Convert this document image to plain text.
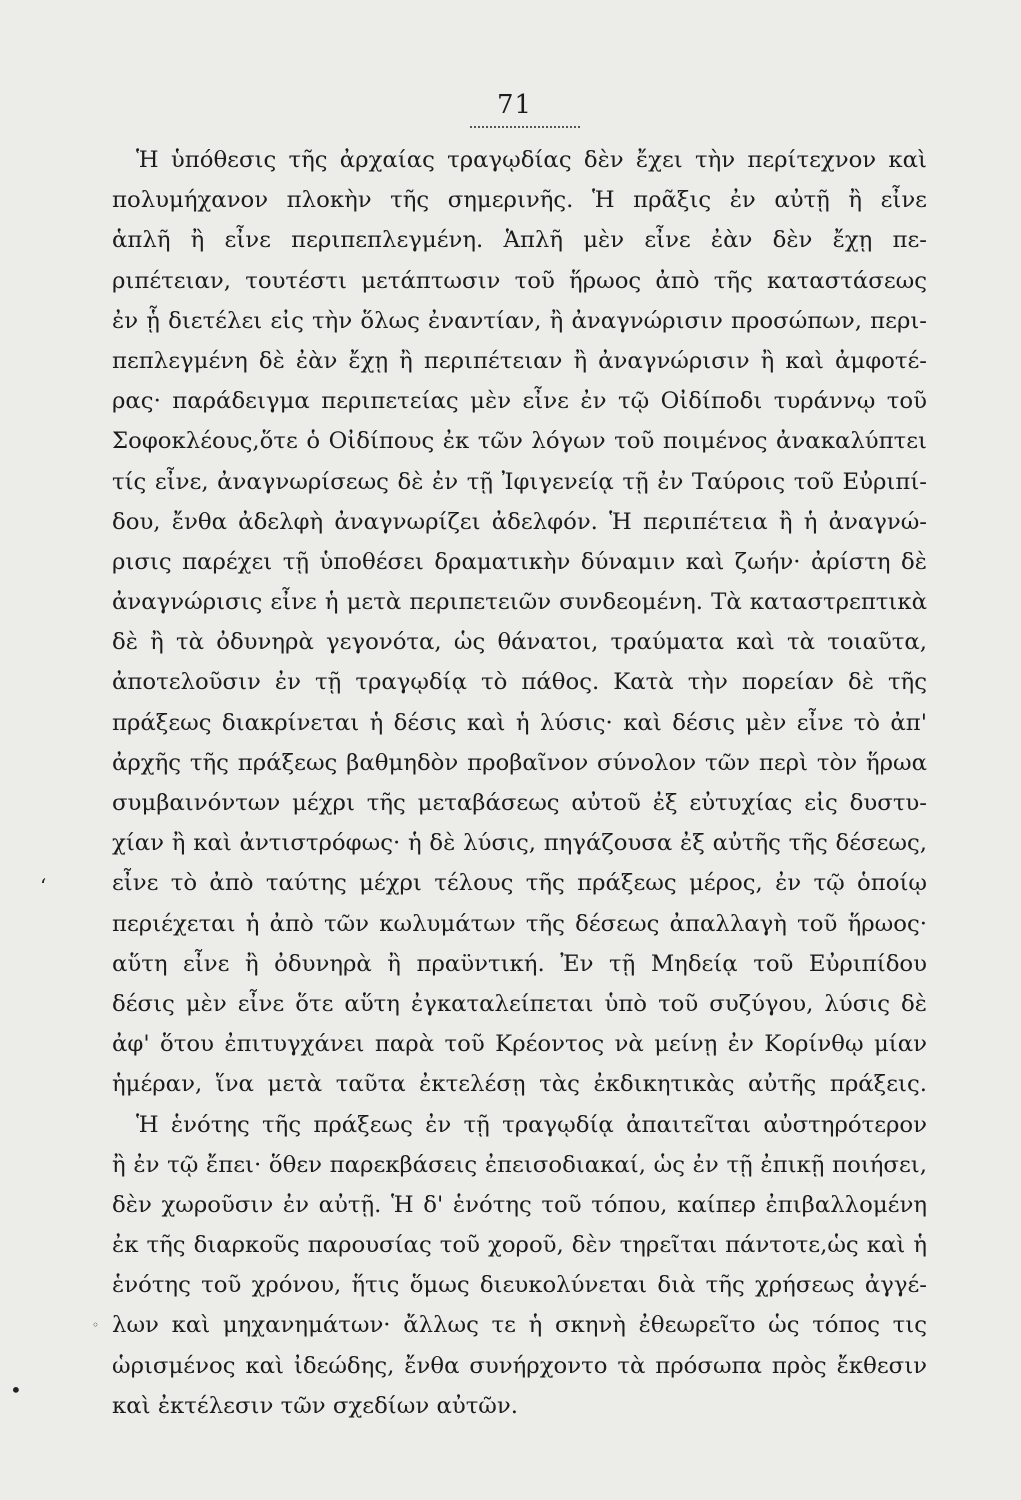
71
Ἡ ὑπόθεσις τῆς ἀρχαίας τραγῳδίας δὲν ἔχει τὴν περίτεχνον καὶ
πολυμήχανον πλοκὴν τῆς σημερινῆς. Ἡ πρᾶξις ἐν αὐτῇ ἢ εἶνε
ἁπλῆ ἢ εἶνε περιπεπλεγμένη. Ἁπλῆ μὲν εἶνε ἐὰν δὲν ἔχῃ πε-
ριπέτειαν, τουτέστι μετάπτωσιν τοῦ ἥρωος ἀπὸ τῆς καταστάσεως
ἐν ᾗ διετέλει εἰς τὴν ὅλως ἐναντίαν, ἢ ἀναγνώρισιν προσώπων, περι-
πεπλεγμένη δὲ ἐὰν ἔχῃ ἢ περιπέτειαν ἢ ἀναγνώρισιν ἢ καὶ ἀμφοτέ-
ρας· παράδειγμα περιπετείας μὲν εἶνε ἐν τῷ Οἰδίποδι τυράννῳ τοῦ
Σοφοκλέους,ὅτε ὁ Οἰδίπους ἐκ τῶν λόγων τοῦ ποιμένος ἀνακαλύπτει
τίς εἶνε, ἀναγνωρίσεως δὲ ἐν τῇ Ἰφιγενείᾳ τῇ ἐν Ταύροις τοῦ Εὐριπί-
δου, ἔνθα ἀδελφὴ ἀναγνωρίζει ἀδελφόν. Ἡ περιπέτεια ἢ ἡ ἀναγνώ-
ρισις παρέχει τῇ ὑποθέσει δραματικὴν δύναμιν καὶ ζωήν· ἀρίστη δὲ
ἀναγνώρισις εἶνε ἡ μετὰ περιπετειῶν συνδεομένη. Τὰ καταστρεπτικὰ
δὲ ἢ τὰ ὀδυνηρὰ γεγονότα, ὡς θάνατοι, τραύματα καὶ τὰ τοιαῦτα,
ἀποτελοῦσιν ἐν τῇ τραγῳδίᾳ τὸ πάθος. Κατὰ τὴν πορείαν δὲ τῆς
πράξεως διακρίνεται ἡ δέσις καὶ ἡ λύσις· καὶ δέσις μὲν εἶνε τὸ ἀπ'
ἀρχῆς τῆς πράξεως βαθμηδὸν προβαῖνον σύνολον τῶν περὶ τὸν ἥρωα
συμβαινόντων μέχρι τῆς μεταβάσεως αὐτοῦ ἐξ εὐτυχίας εἰς δυστυ-
χίαν ἢ καὶ ἀντιστρόφως· ἡ δὲ λύσις, πηγάζουσα ἐξ αὐτῆς τῆς δέσεως,
εἶνε τὸ ἀπὸ ταύτης μέχρι τέλους τῆς πράξεως μέρος, ἐν τῷ ὁποίῳ
περιέχεται ἡ ἀπὸ τῶν κωλυμάτων τῆς δέσεως ἀπαλλαγὴ τοῦ ἥρωος·
αὕτη εἶνε ἢ ὀδυνηρὰ ἢ πραϋντική. Ἐν τῇ Μηδείᾳ τοῦ Εὐριπίδου
δέσις μὲν εἶνε ὅτε αὕτη ἐγκαταλείπεται ὑπὸ τοῦ συζύγου, λύσις δὲ
ἀφ' ὅτου ἐπιτυγχάνει παρὰ τοῦ Κρέοντος νὰ μείνῃ ἐν Κορίνθῳ μίαν
ἡμέραν, ἵνα μετὰ ταῦτα ἐκτελέσῃ τὰς ἐκδικητικὰς αὐτῆς πράξεις.
Ἡ ἑνότης τῆς πράξεως ἐν τῇ τραγῳδίᾳ ἀπαιτεῖται αὐστηρότερον
ἢ ἐν τῷ ἔπει· ὅθεν παρεκβάσεις ἐπεισοδιακαί, ὡς ἐν τῇ ἐπικῇ ποιήσει,
δὲν χωροῦσιν ἐν αὐτῇ. Ἡ δ' ἑνότης τοῦ τόπου, καίπερ ἐπιβαλλομένη
ἐκ τῆς διαρκοῦς παρουσίας τοῦ χοροῦ, δὲν τηρεῖται πάντοτε,ὡς καὶ ἡ
ἑνότης τοῦ χρόνου, ἥτις ὅμως διευκολύνεται διὰ τῆς χρήσεως ἀγγέ-
λων καὶ μηχανημάτων· ἄλλως τε ἡ σκηνὴ ἐθεωρεῖτο ὡς τόπος τις
ὡρισμένος καὶ ἰδεώδης, ἔνθα συνήρχοντο τὰ πρόσωπα πρὸς ἔκθεσιν
καὶ ἐκτέλεσιν τῶν σχεδίων αὐτῶν.
‘
•
◦
